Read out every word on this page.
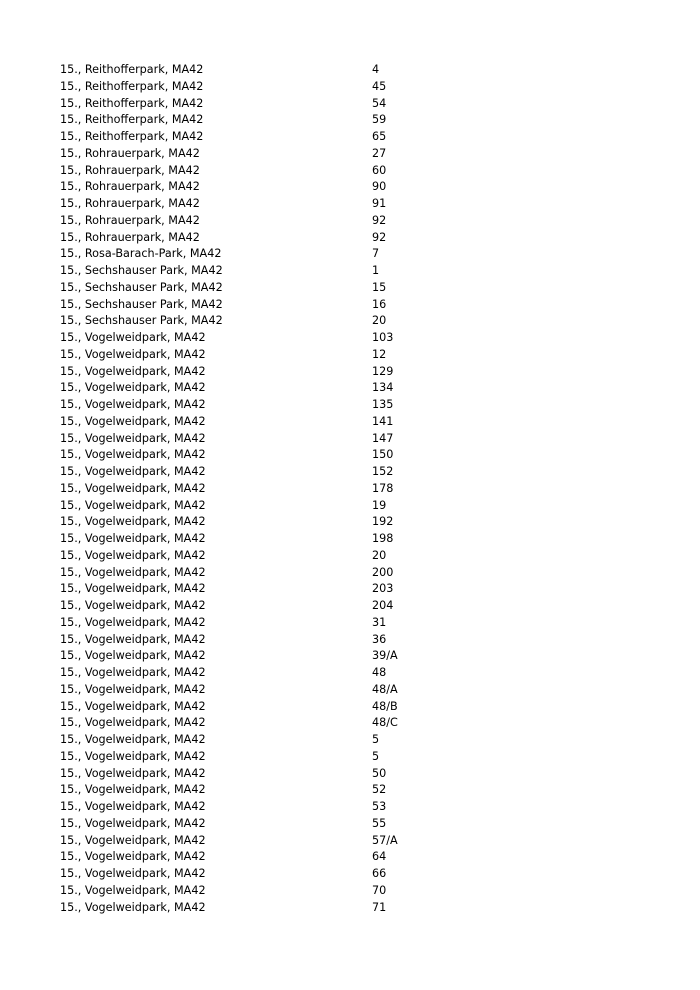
15., Reithofferpark, MA42	4
15., Reithofferpark, MA42	45
15., Reithofferpark, MA42	54
15., Reithofferpark, MA42	59
15., Reithofferpark, MA42	65
15., Rohrauerpark, MA42	27
15., Rohrauerpark, MA42	60
15., Rohrauerpark, MA42	90
15., Rohrauerpark, MA42	91
15., Rohrauerpark, MA42	92
15., Rohrauerpark, MA42	92
15., Rosa-Barach-Park, MA42	7
15., Sechshauser Park, MA42	1
15., Sechshauser Park, MA42	15
15., Sechshauser Park, MA42	16
15., Sechshauser Park, MA42	20
15., Vogelweidpark, MA42	103
15., Vogelweidpark, MA42	12
15., Vogelweidpark, MA42	129
15., Vogelweidpark, MA42	134
15., Vogelweidpark, MA42	135
15., Vogelweidpark, MA42	141
15., Vogelweidpark, MA42	147
15., Vogelweidpark, MA42	150
15., Vogelweidpark, MA42	152
15., Vogelweidpark, MA42	178
15., Vogelweidpark, MA42	19
15., Vogelweidpark, MA42	192
15., Vogelweidpark, MA42	198
15., Vogelweidpark, MA42	20
15., Vogelweidpark, MA42	200
15., Vogelweidpark, MA42	203
15., Vogelweidpark, MA42	204
15., Vogelweidpark, MA42	31
15., Vogelweidpark, MA42	36
15., Vogelweidpark, MA42	39/A
15., Vogelweidpark, MA42	48
15., Vogelweidpark, MA42	48/A
15., Vogelweidpark, MA42	48/B
15., Vogelweidpark, MA42	48/C
15., Vogelweidpark, MA42	5
15., Vogelweidpark, MA42	5
15., Vogelweidpark, MA42	50
15., Vogelweidpark, MA42	52
15., Vogelweidpark, MA42	53
15., Vogelweidpark, MA42	55
15., Vogelweidpark, MA42	57/A
15., Vogelweidpark, MA42	64
15., Vogelweidpark, MA42	66
15., Vogelweidpark, MA42	70
15., Vogelweidpark, MA42	71
